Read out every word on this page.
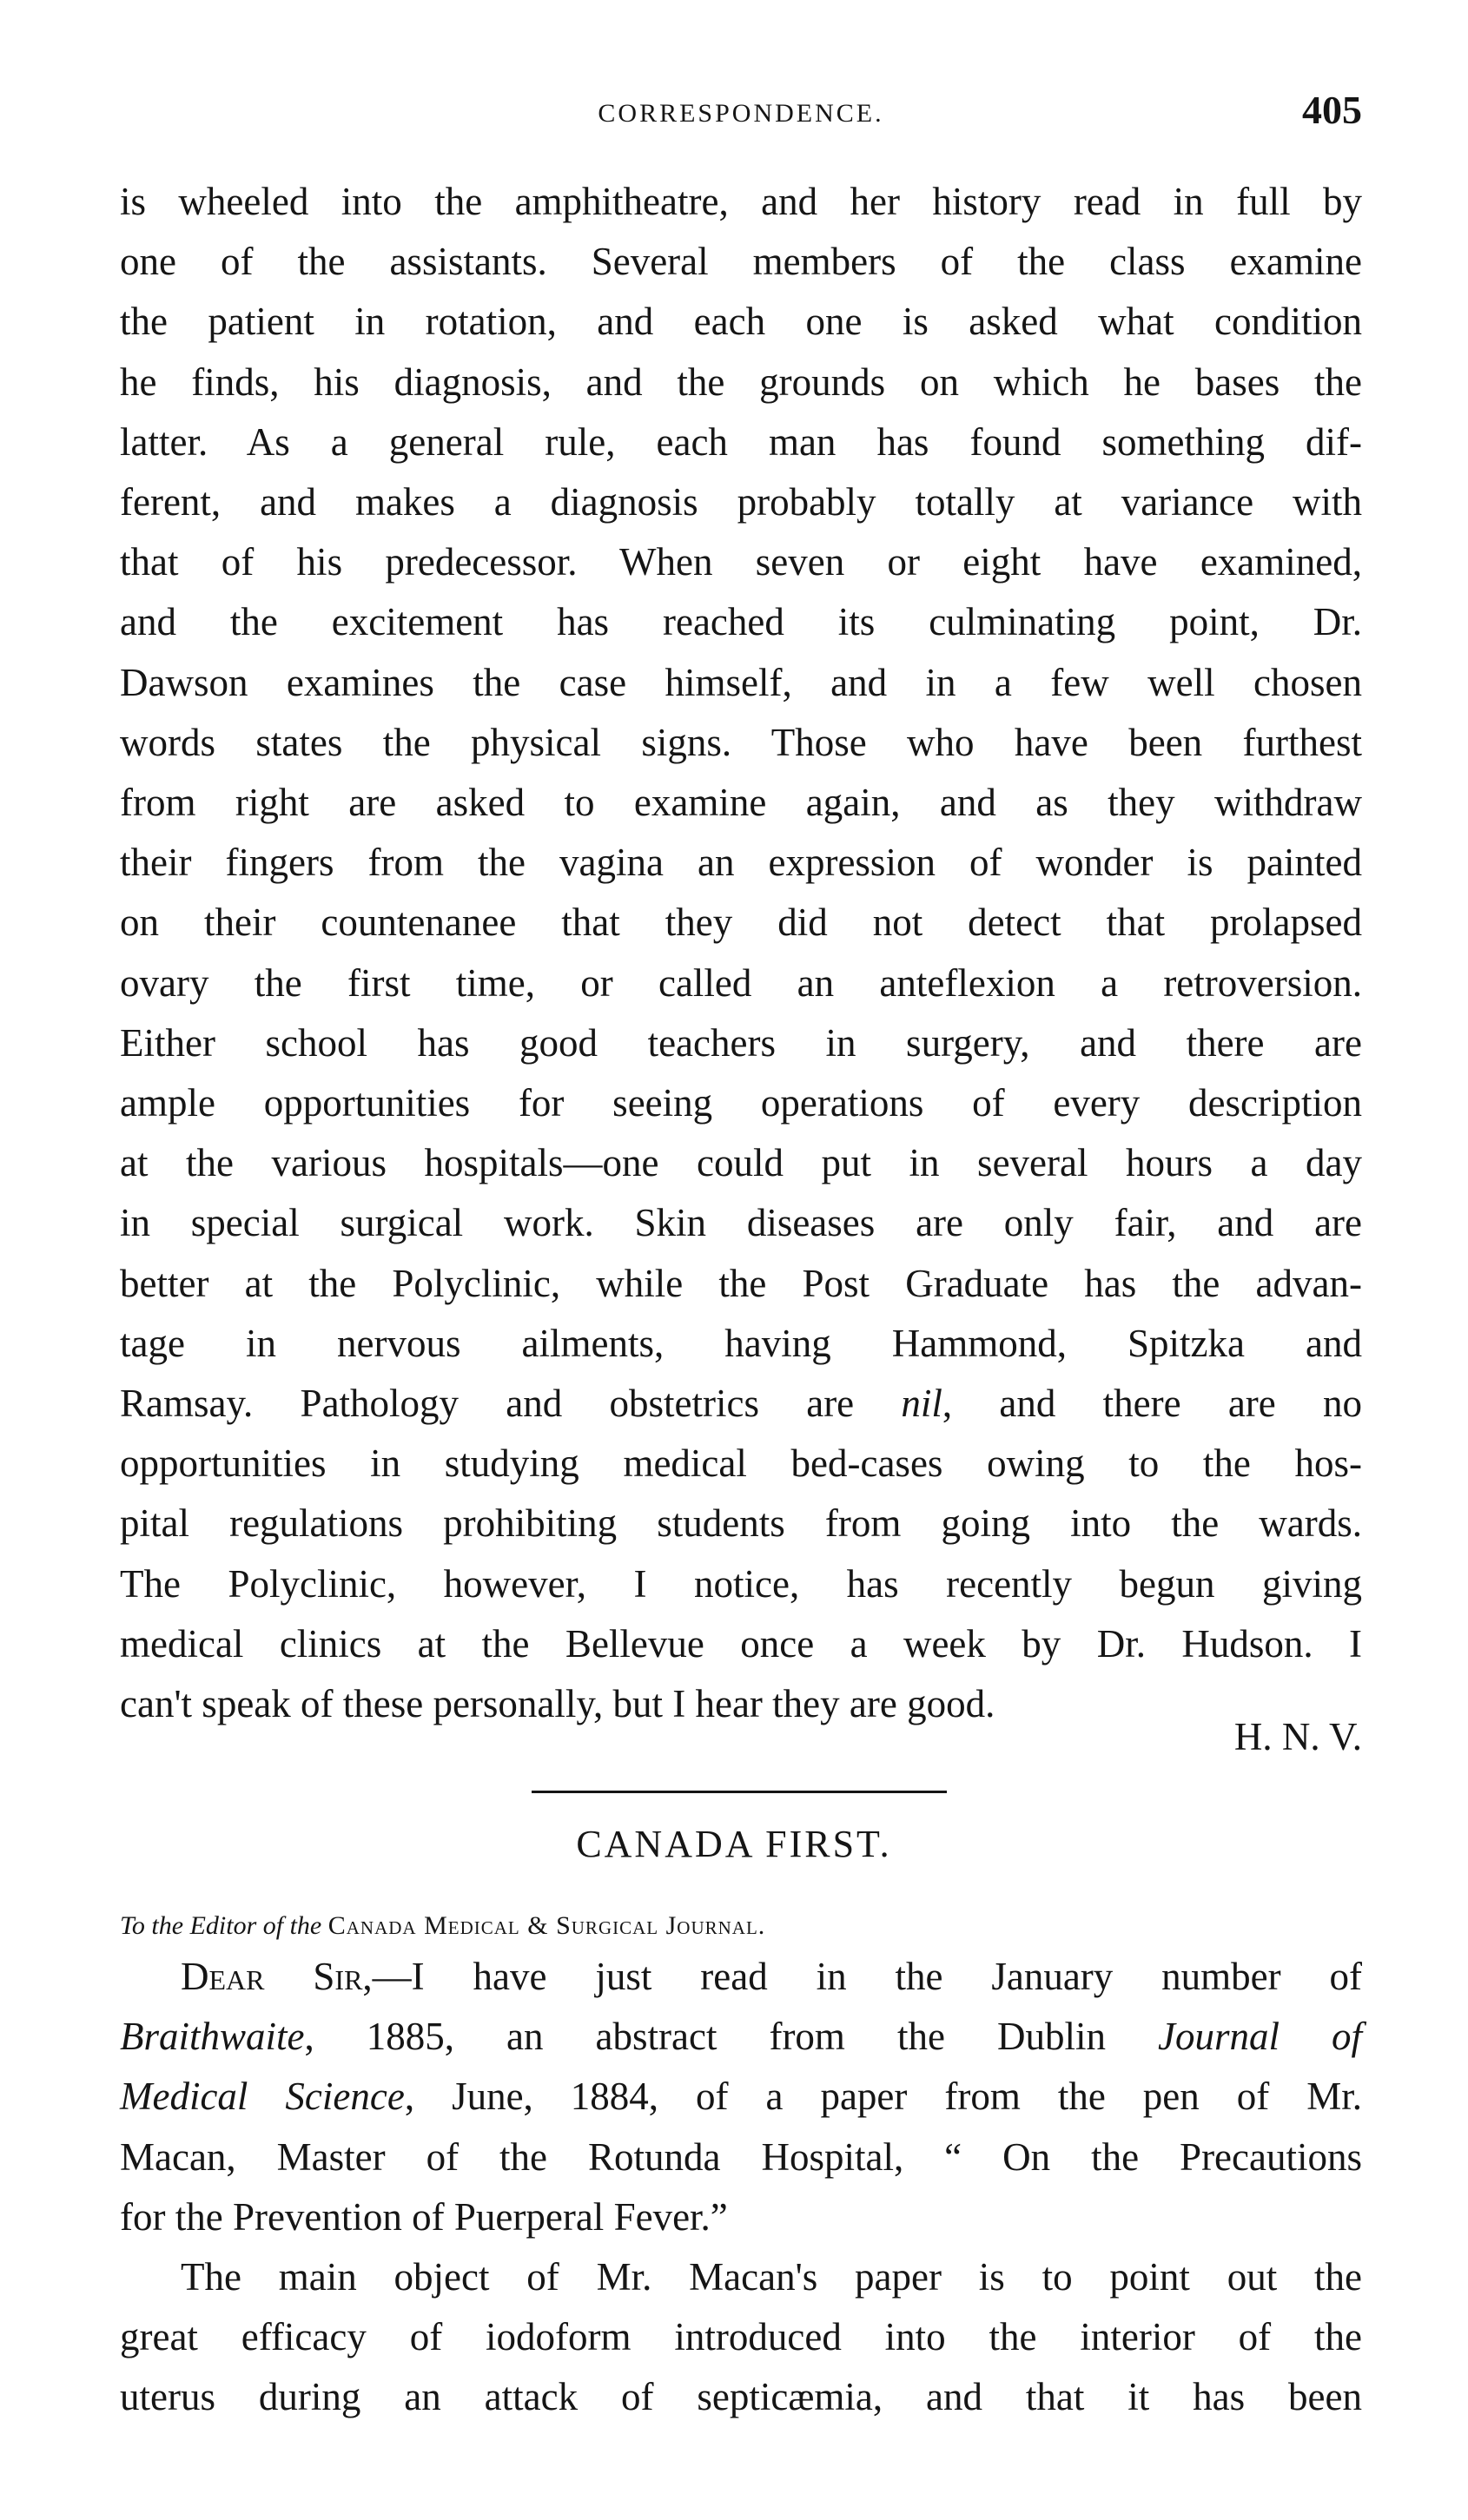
CORRESPONDENCE.	405
is wheeled into the amphitheatre, and her history read in full by
one of the assistants. Several members of the class examine
the patient in rotation, and each one is asked what condition
he finds, his diagnosis, and the grounds on which he bases the
latter. As a general rule, each man has found something dif-
ferent, and makes a diagnosis probably totally at variance with
that of his predecessor. When seven or eight have examined,
and the excitement has reached its culminating point, Dr.
Dawson examines the case himself, and in a few well chosen
words states the physical signs. Those who have been furthest
from right are asked to examine again, and as they withdraw
their fingers from the vagina an expression of wonder is painted
on their countenanee that they did not detect that prolapsed
ovary the first time, or called an anteflexion a retroversion.
Either school has good teachers in surgery, and there are
ample opportunities for seeing operations of every description
at the various hospitals—one could put in several hours a day
in special surgical work. Skin diseases are only fair, and are
better at the Polyclinic, while the Post Graduate has the advan-
tage in nervous ailments, having Hammond, Spitzka and
Ramsay. Pathology and obstetrics are nil, and there are no
opportunities in studying medical bed-cases owing to the hos-
pital regulations prohibiting students from going into the wards.
The Polyclinic, however, I notice, has recently begun giving
medical clinics at the Bellevue once a week by Dr. Hudson. I
can't speak of these personally, but I hear they are good.
H. N. V.
CANADA FIRST.
To the Editor of the Canada Medical & Surgical Journal.
Dear Sir,—I have just read in the January number of
Braithwaite, 1885, an abstract from the Dublin Journal of
Medical Science, June, 1884, of a paper from the pen of Mr.
Macan, Master of the Rotunda Hospital, “ On the Precautions
for the Prevention of Puerperal Fever.”
The main object of Mr. Macan's paper is to point out the
great efficacy of iodoform introduced into the interior of the
uterus during an attack of septicæmia, and that it has been
